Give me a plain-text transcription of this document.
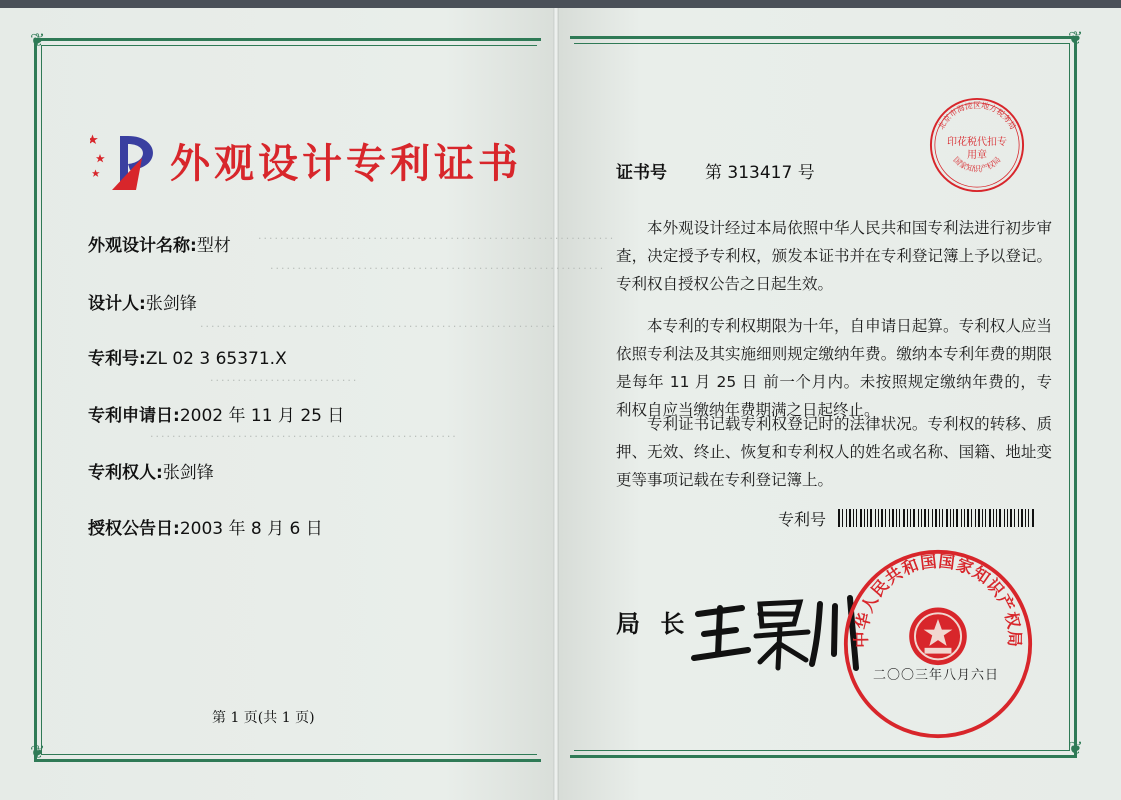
❦
❦
❦
❦
外观设计专利证书
外观设计名称:型材 ·································································
·····························································
设计人:张剑锋
·································································
专利号:ZL 02 3 65371.X
···························
专利申请日:2002 年 11 月 25 日
························································
专利权人:张剑锋
授权公告日:2003 年 8 月 6 日
第 1 页(共 1 页)
北京市海淀区地方税务局
国家知识产权局
印花税代扣专用章
证书号 第 313417 号
本外观设计经过本局依照中华人民共和国专利法进行初步审查，决定授予专利权，颁发本证书并在专利登记簿上予以登记。专利权自授权公告之日起生效。
本专利的专利权期限为十年，自申请日起算。专利权人应当依照专利法及其实施细则规定缴纳年费。缴纳本专利年费的期限是每年 11 月 25 日 前一个月内。未按照规定缴纳年费的，专利权自应当缴纳年费期满之日起终止。
专利证书记载专利权登记时的法律状况。专利权的转移、质押、无效、终止、恢复和专利权人的姓名或名称、国籍、地址变更等事项记载在专利登记簿上。
专利号
局 长
中华人民共和国国家知识产权局
二〇〇三年八月六日
